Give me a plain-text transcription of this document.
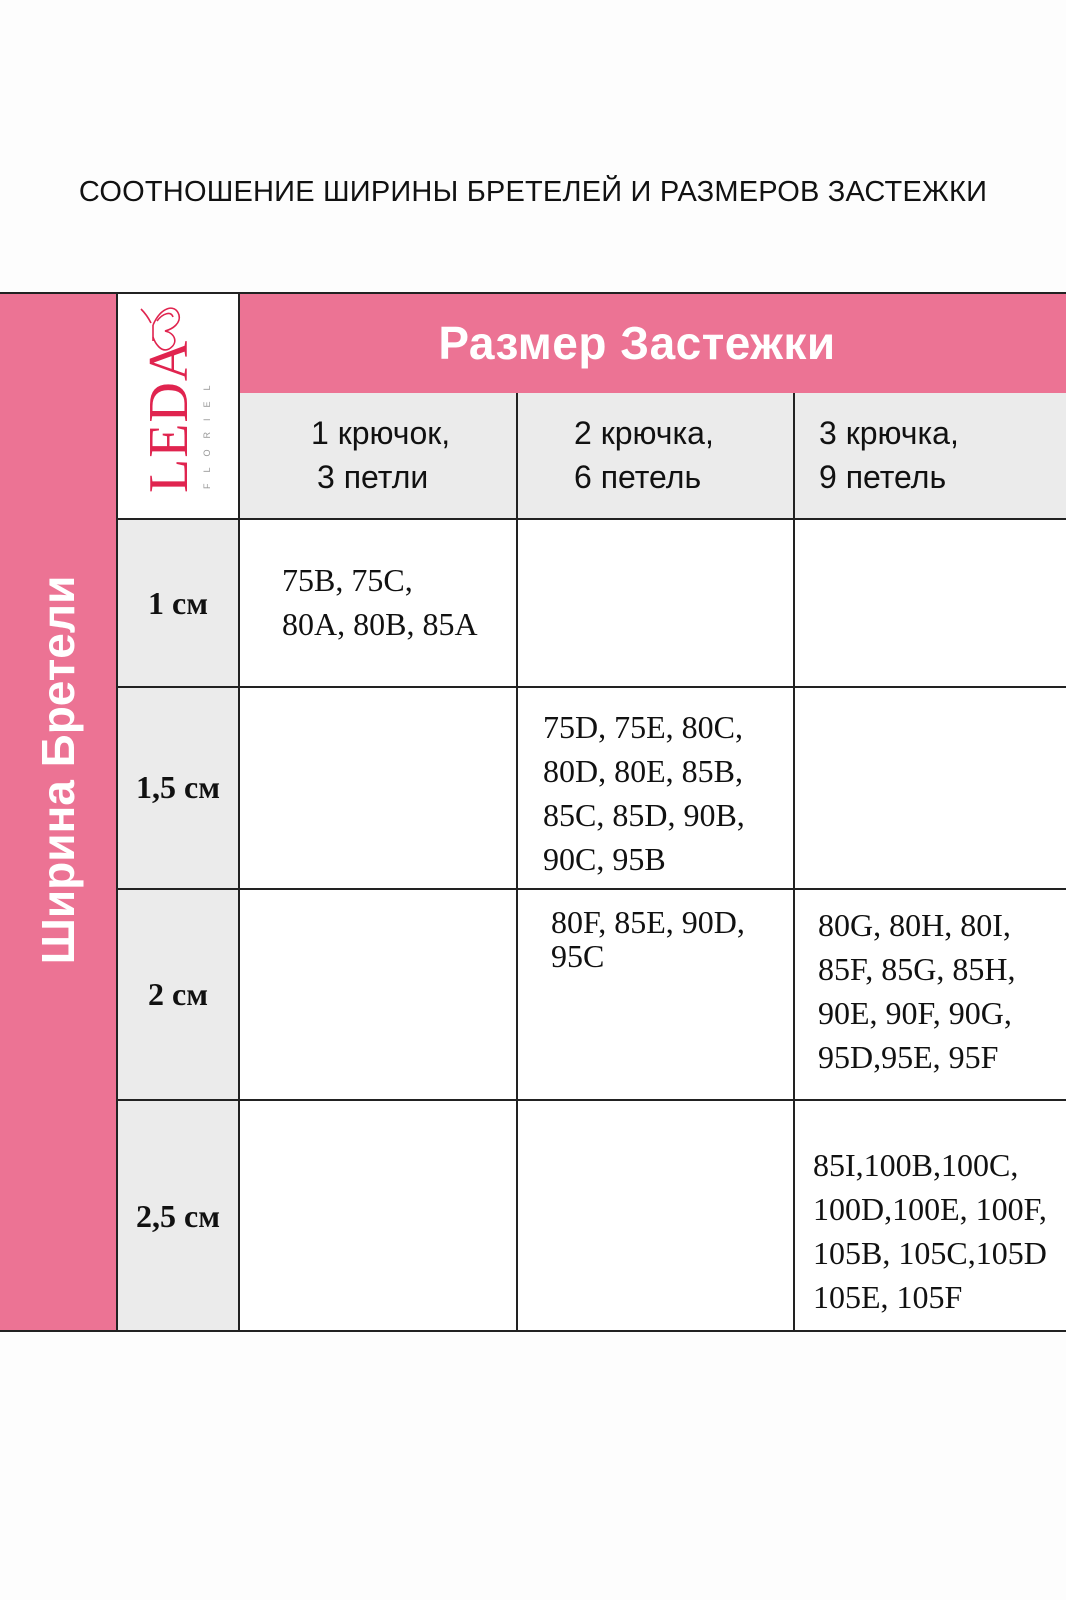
СООТНОШЕНИЕ ШИРИНЫ БРЕТЕЛЕЙ И РАЗМЕРОВ ЗАСТЕЖКИ
Ширина Бретели
LEDA FLORIEL
Размер Застежки
1 крючок,
3 петли
2 крючка,
6 петель
3 крючка,
9 петель
1 см
75B, 75C,
80A, 80B, 85A
1,5 см
75D, 75E, 80C,
80D, 80E, 85B,
85C, 85D, 90B,
90C, 95B
2 см
80F, 85E, 90D,
95C
80G, 80H, 80I,
85F, 85G, 85H,
90E, 90F, 90G,
95D,95E, 95F
2,5 см
85I,100B,100C,
100D,100E, 100F,
105B, 105C,105D
105E, 105F
